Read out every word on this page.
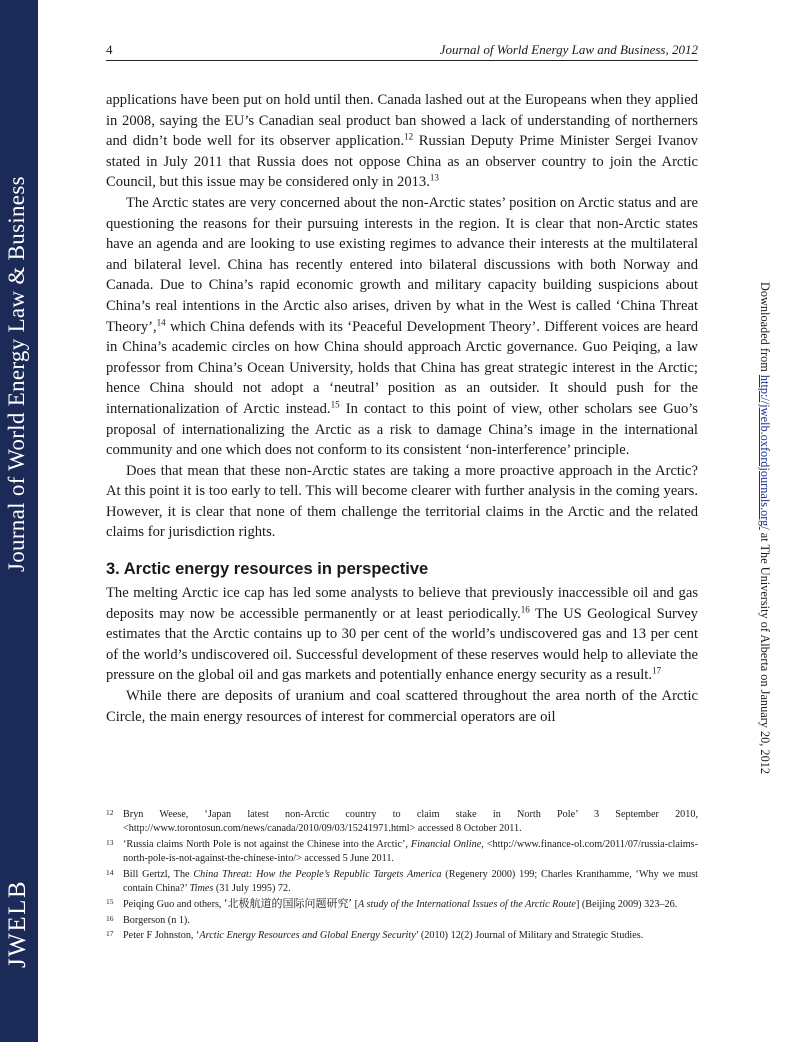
Journal of World Energy Law & Business
JWELB
4	Journal of World Energy Law and Business, 2012

applications have been put on hold until then. Canada lashed out at the Europeans when they applied in 2008, saying the EU’s Canadian seal product ban showed a lack of understanding of northerners and didn’t bode well for its observer application.$^{12}$ Russian Deputy Prime Minister Sergei Ivanov stated in July 2011 that Russia does not oppose China as an observer country to join the Arctic Council, but this issue may be considered only in 2013.13

The Arctic states are very concerned about the non-Arctic states’ position on Arctic status and are questioning the reasons for their pursuing interests in the region. It is clear that non-Arctic states have an agenda and are looking to use existing regimes to advance their interests at the multilateral and bilateral level. China has recently entered into bilateral discussions with both Norway and Canada. Due to China’s rapid economic growth and military capacity building suspicions about China’s real intentions in the Arctic also arises, driven by what in the West is called ‘China Threat Theory’,$^{14}$ which China defends with its ‘Peaceful Development Theory’. Different voices are heard in China’s academic circles on how China should approach Arctic governance. Guo Peiqing, a law professor from China’s Ocean University, holds that China has great strategic interest in the Arctic; hence China should not adopt a ‘neutral’ position as an outsider. It should push for the internationalization of Arctic instead.$^{15}$ In contact to this point of view, other scholars see Guo’s proposal of internationalizing the Arctic as a risk to damage China’s image in the international community and one which does not conform to its consistent ‘non-interference’ principle.

Does that mean that these non-Arctic states are taking a more proactive approach in the Arctic? At this point it is too early to tell. This will become clearer with further analysis in the coming years. However, it is clear that none of them challenge the territorial claims in the Arctic and the related claims for jurisdiction rights.

3. Arctic energy resources in perspective

The melting Arctic ice cap has led some analysts to believe that previously inaccessible oil and gas deposits may now be accessible permanently or at least periodically.$^{16}$ The US Geological Survey estimates that the Arctic contains up to 30 per cent of the world’s undiscovered gas and 13 per cent of the world’s undiscovered oil. Successful development of these reserves would help to alleviate the pressure on the global oil and gas markets and potentially enhance energy security as a result.$^{17}$

While there are deposits of uranium and coal scattered throughout the area north of the Arctic Circle, the main energy resources of interest for commercial operators are oil

12 Bryn Weese, ‘Japan latest non-Arctic country to claim stake in North Pole’ 3 September 2010, <http://www.torontosun.com/news/canada/2010/09/03/15241971.html> accessed 8 October 2011.
13 ‘Russia claims North Pole is not against the Chinese into the Arctic’, Financial Online, <http://www.finance-ol.com/2011/07/russia-claims-north-pole-is-not-against-the-chinese-into/> accessed 5 June 2011.
14 Bill Gertzl, The China Threat: How the People’s Republic Targets America (Regenery 2000) 199; Charles Kranthamme, ‘Why we must contain China?’ Times (31 July 1995) 72.
15 Peiqing Guo and others, ‘北极航道的国际问题研究’ [A study of the International Issues of the Arctic Route] (Beijing 2009) 323–26.
16 Borgerson (n 1).
17 Peter F Johnston, ‘Arctic Energy Resources and Global Energy Security’ (2010) 12(2) Journal of Military and Strategic Studies.
Downloaded from http://jwelb.oxfordjournals.org/ at The University of Alberta on January 20, 2012
